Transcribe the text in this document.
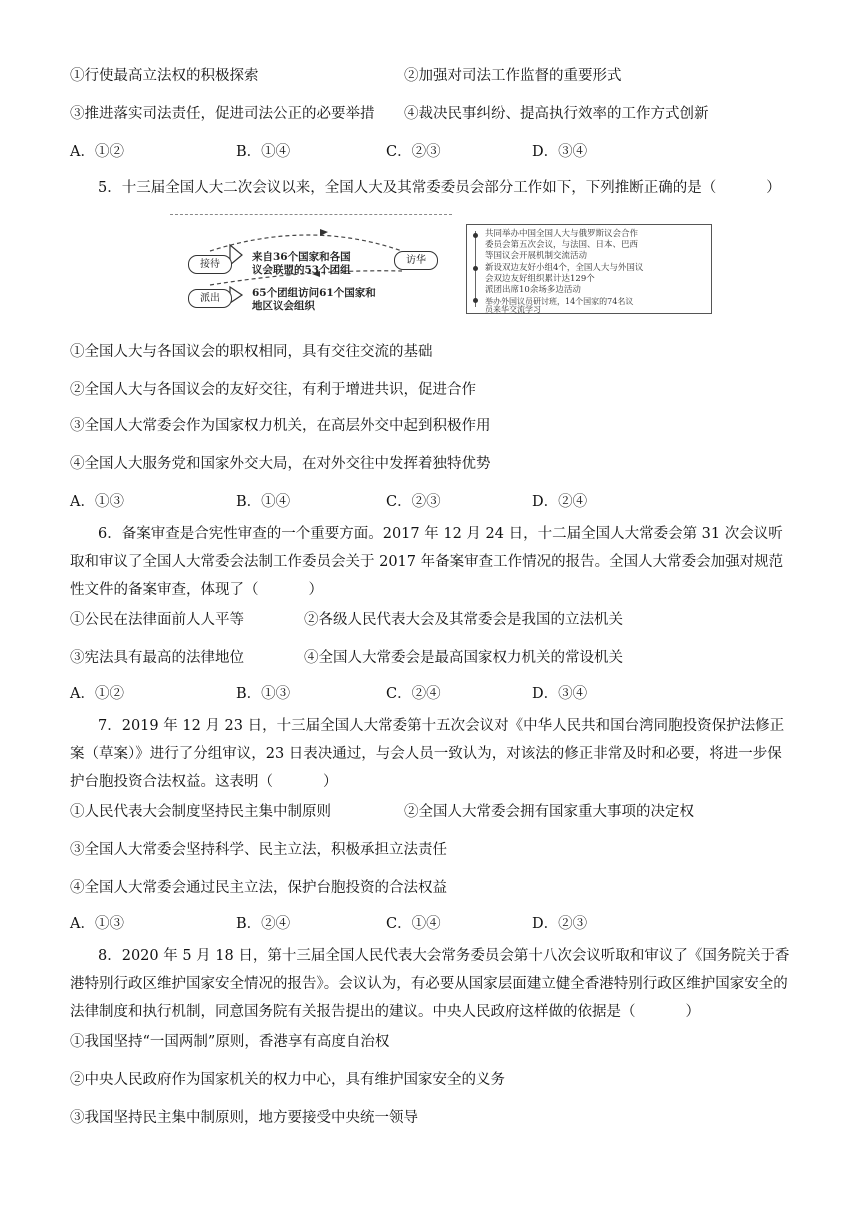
①行使最高立法权的积极探索	②加强对司法工作监督的重要形式
③推进落实司法责任，促进司法公正的必要举措 ④裁决民事纠纷、提高执行效率的工作方式创新
A．①②	B．①④	C．②③	D．③④
5．十三届全国人大二次会议以来，全国人大及其常委委员会部分工作如下，下列推断正确的是（	）
接待	访华
派出
来自36个国家和各国
议会联盟的53个团组
65个团组访问61个国家和
地区议会组织
共同举办中国全国人大与俄罗斯议会合作
委员会第五次会议，与法国、日本、巴西
等国议会开展机制交流活动
新设双边友好小组4个，全国人大与外国议
会双边友好组织累计达129个
派团出席10余场多边活动
举办外国议员研讨班，14个国家的74名议
员来华交流学习
①全国人大与各国议会的职权相同，具有交往交流的基础
②全国人大与各国议会的友好交往，有利于增进共识，促进合作
③全国人大常委会作为国家权力机关，在高层外交中起到积极作用
④全国人大服务党和国家外交大局，在对外交往中发挥着独特优势
A．①③	B．①④	C．②③	D．②④
6．备案审查是合宪性审查的一个重要方面。2017 年 12 月 24 日，十二届全国人大常委会第 31 次会议听取和审议了全国人大常委会法制工作委员会关于 2017 年备案审查工作情况的报告。全国人大常委会加强对规范性文件的备案审查，体现了（	）
①公民在法律面前人人平等	②各级人民代表大会及其常委会是我国的立法机关
③宪法具有最高的法律地位	④全国人大常委会是最高国家权力机关的常设机关
A．①②	B．①③	C．②④	D．③④
7．2019 年 12 月 23 日，十三届全国人大常委第十五次会议对《中华人民共和国台湾同胞投资保护法修正案（草案）》进行了分组审议，23 日表决通过，与会人员一致认为，对该法的修正非常及时和必要，将进一步保护台胞投资合法权益。这表明（	）
①人民代表大会制度坚持民主集中制原则	②全国人大常委会拥有国家重大事项的决定权
③全国人大常委会坚持科学、民主立法，积极承担立法责任
④全国人大常委会通过民主立法，保护台胞投资的合法权益
A．①③	B．②④	C．①④	D．②③
8．2020 年 5 月 18 日，第十三届全国人民代表大会常务委员会第十八次会议听取和审议了《国务院关于香港特别行政区维护国家安全情况的报告》。会议认为，有必要从国家层面建立健全香港特别行政区维护国家安全的法律制度和执行机制，同意国务院有关报告提出的建议。中央人民政府这样做的依据是（	）
①我国坚持“一国两制”原则，香港享有高度自治权
②中央人民政府作为国家机关的权力中心，具有维护国家安全的义务
③我国坚持民主集中制原则，地方要接受中央统一领导
